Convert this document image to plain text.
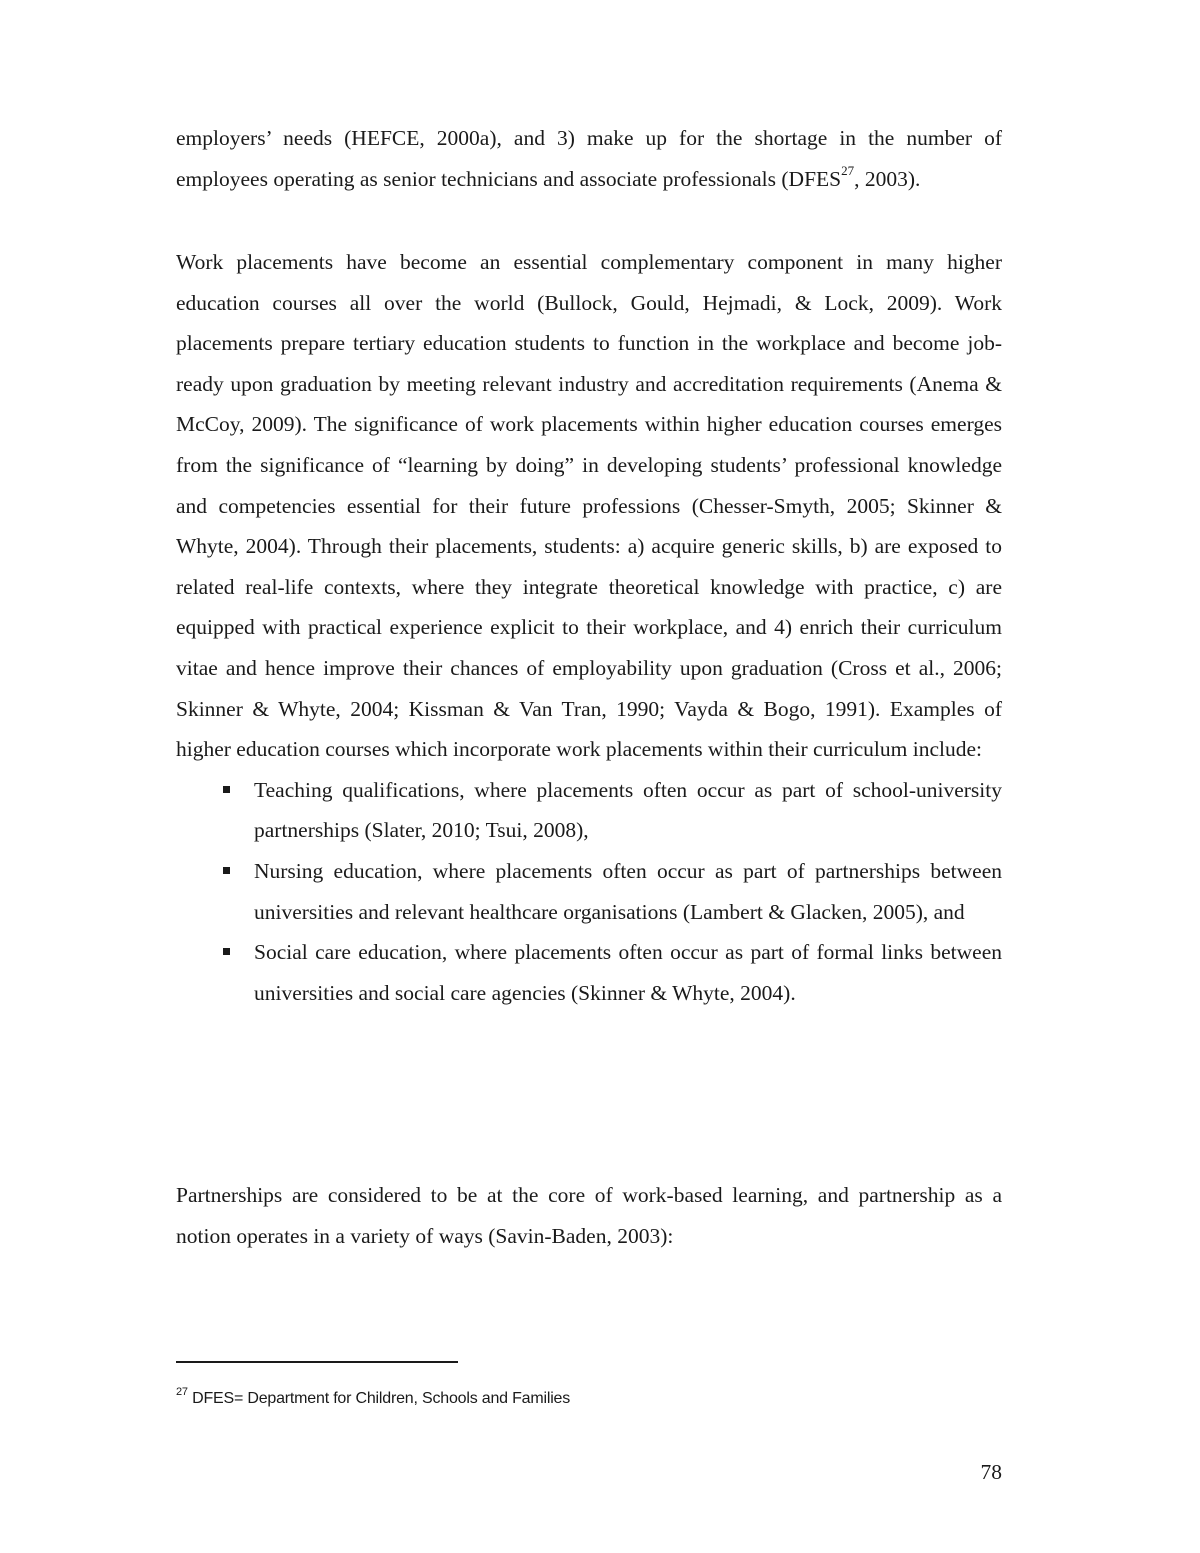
employers’ needs (HEFCE, 2000a), and 3) make up for the shortage in the number of employees operating as senior technicians and associate professionals (DFES$^{27}$, 2003).

Work placements have become an essential complementary component in many higher education courses all over the world (Bullock, Gould, Hejmadi, & Lock, 2009). Work placements prepare tertiary education students to function in the workplace and become job-ready upon graduation by meeting relevant industry and accreditation requirements (Anema & McCoy, 2009). The significance of work placements within higher education courses emerges from the significance of “learning by doing” in developing students’ professional knowledge and competencies essential for their future professions (Chesser-Smyth, 2005; Skinner & Whyte, 2004). Through their placements, students: a) acquire generic skills, b) are exposed to related real-life contexts, where they integrate theoretical knowledge with practice, c) are equipped with practical experience explicit to their workplace, and 4) enrich their curriculum vitae and hence improve their chances of employability upon graduation (Cross et al., 2006; Skinner & Whyte, 2004; Kissman & Van Tran, 1990; Vayda & Bogo, 1991). Examples of higher education courses which incorporate work placements within their curriculum include:

Teaching qualifications, where placements often occur as part of school-university partnerships (Slater, 2010; Tsui, 2008),
Nursing education, where placements often occur as part of partnerships between universities and relevant healthcare organisations (Lambert & Glacken, 2005), and
Social care education, where placements often occur as part of formal links between universities and social care agencies (Skinner & Whyte, 2004).

Partnerships are considered to be at the core of work-based learning, and partnership as a notion operates in a variety of ways (Savin-Baden, 2003):

$^{27}$ DFES= Department for Children, Schools and Families
78
